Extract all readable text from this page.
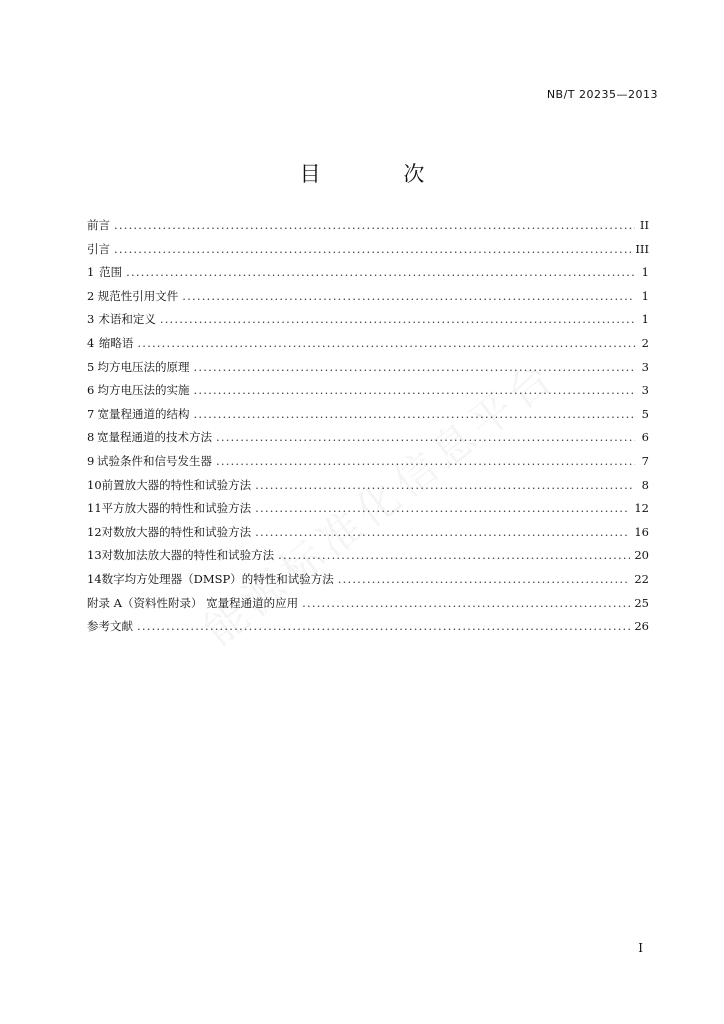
NB/T 20235—2013
目 次
前言 .....	II
引言 .....	III
1 范围 .....	1
2 规范性引用文件 .....	1
3 术语和定义 .....	1
4 缩略语 .....	2
5 均方电压法的原理 .....	3
6 均方电压法的实施 .....	3
7 宽量程通道的结构 .....	5
8 宽量程通道的技术方法 .....	6
9 试验条件和信号发生器 .....	7
10 前置放大器的特性和试验方法 .....	8
11 平方放大器的特性和试验方法 .....	12
12 对数放大器的特性和试验方法 .....	16
13 对数加法放大器的特性和试验方法 .....	20
14 数字均方处理器（DMSP）的特性和试验方法 .....	22
附录 A（资料性附录） 宽量程通道的应用 .....	25
参考文献 .....	26
I
